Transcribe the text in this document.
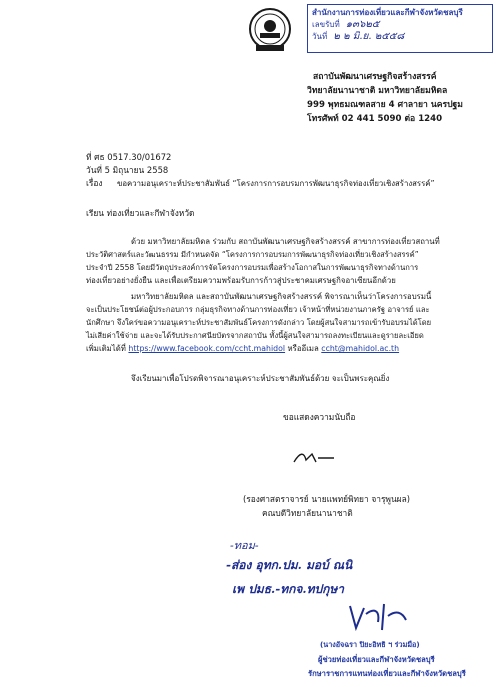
สำนักงานการท่องเที่ยวและกีฬาจังหวัดชลบุรี
เลขรับที่ ๑๓๖๒๕
วันที่ ๒ ๒ มิ.ย. ๒๕๕๘
สถาบันพัฒนาเศรษฐกิจสร้างสรรค์
วิทยาลัยนานาชาติ มหาวิทยาลัยมหิดล
999 พุทธมณฑลสาย 4 ศาลายา นครปฐม
โทรศัพท์ 02 441 5090 ต่อ 1240
ที่ ศธ 0517.30/01672
วันที่ 5 มิถุนายน 2558
เรื่อง ขอความอนุเคราะห์ประชาสัมพันธ์ “โครงการการอบรมการพัฒนาธุรกิจท่องเที่ยวเชิงสร้างสรรค์”
เรียน ท่องเที่ยวและกีฬาจังหวัด
ด้วย มหาวิทยาลัยมหิดล ร่วมกับ สถาบันพัฒนาเศรษฐกิจสร้างสรรค์ สาขาการท่องเที่ยวสถานที่
ประวัติศาสตร์และวัฒนธรรม มีกำหนดจัด “โครงการการอบรมการพัฒนาธุรกิจท่องเที่ยวเชิงสร้างสรรค์”
ประจำปี 2558 โดยมีวัตถุประสงค์การจัดโครงการอบรมเพื่อสร้างโอกาสในการพัฒนาธุรกิจทางด้านการ
ท่องเที่ยวอย่างยั่งยืน และเพื่อเตรียมความพร้อมรับการก้าวสู่ประชาคมเศรษฐกิจอาเซียนอีกด้วย
มหาวิทยาลัยมหิดล และสถาบันพัฒนาเศรษฐกิจสร้างสรรค์ พิจารณาเห็นว่าโครงการอบรมนี้
จะเป็นประโยชน์ต่อผู้ประกอบการ กลุ่มธุรกิจทางด้านการท่องเที่ยว เจ้าหน้าที่หน่วยงานภาครัฐ อาจารย์ และ
นักศึกษา จึงใคร่ขอความอนุเคราะห์ประชาสัมพันธ์โครงการดังกล่าว โดยผู้สนใจสามารถเข้ารับอบรมได้โดย
ไม่เสียค่าใช้จ่าย และจะได้รับประกาศนียบัตรจากสถาบัน ทั้งนี้ผู้สนใจสามารถลงทะเบียนและดูรายละเอียด
เพิ่มเติมได้ที่ https://www.facebook.com/ccht.mahidol หรืออีเมล ccht@mahidol.ac.th
จึงเรียนมาเพื่อโปรดพิจารณาอนุเคราะห์ประชาสัมพันธ์ด้วย จะเป็นพระคุณยิ่ง
ขอแสดงความนับถือ
(รองศาสตราจารย์ นายแพทย์พิทยา จารุพูนผล)
คณบดีวิทยาลัยนานาชาติ
-ทอม-
-ส่อง อุทก.ปม. มอบ์ ณนิ
เพ ปมธ.-ทกจ.ทปกุษา
(นางอัจฉรา ปิยะอิทธิ ฯ ร่วมมือ)
ผู้ช่วยท่องเที่ยวและกีฬาจังหวัดชลบุรี
รักษาราชการแทนท่องเที่ยวและกีฬาจังหวัดชลบุรี
